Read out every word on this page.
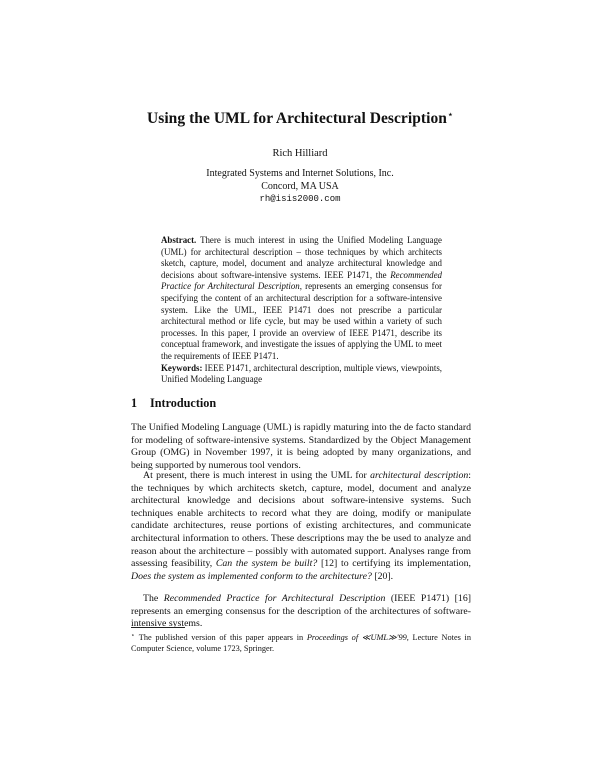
Using the UML for Architectural Description⋆
Rich Hilliard
Integrated Systems and Internet Solutions, Inc.
Concord, MA USA
rh@isis2000.com

Abstract. There is much interest in using the Unified Modeling Language (UML) for architectural description – those techniques by which architects sketch, capture, model, document and analyze architectural knowledge and decisions about software-intensive systems. IEEE P1471, the Recommended Practice for Architectural Description, represents an emerging consensus for specifying the content of an architectural description for a software-intensive system. Like the UML, IEEE P1471 does not prescribe a particular architectural method or life cycle, but may be used within a variety of such processes. In this paper, I provide an overview of IEEE P1471, describe its conceptual framework, and investigate the issues of applying the UML to meet the requirements of IEEE P1471.

Keywords: IEEE P1471, architectural description, multiple views, viewpoints, Unified Modeling Language

1 Introduction

The Unified Modeling Language (UML) is rapidly maturing into the de facto standard for modeling of software-intensive systems. Standardized by the Object Management Group (OMG) in November 1997, it is being adopted by many organizations, and being supported by numerous tool vendors.

At present, there is much interest in using the UML for architectural description: the techniques by which architects sketch, capture, model, document and analyze architectural knowledge and decisions about software-intensive systems. Such techniques enable architects to record what they are doing, modify or manipulate candidate architectures, reuse portions of existing architectures, and communicate architectural information to others. These descriptions may the be used to analyze and reason about the architecture – possibly with automated support. Analyses range from assessing feasibility, Can the system be built? [12] to certifying its implementation, Does the system as implemented conform to the architecture? [20].

The Recommended Practice for Architectural Description (IEEE P1471) [16] represents an emerging consensus for the description of the architectures of software-intensive systems.

⋆ The published version of this paper appears in Proceedings of ≪UML≫'99, Lecture Notes in Computer Science, volume 1723, Springer.
